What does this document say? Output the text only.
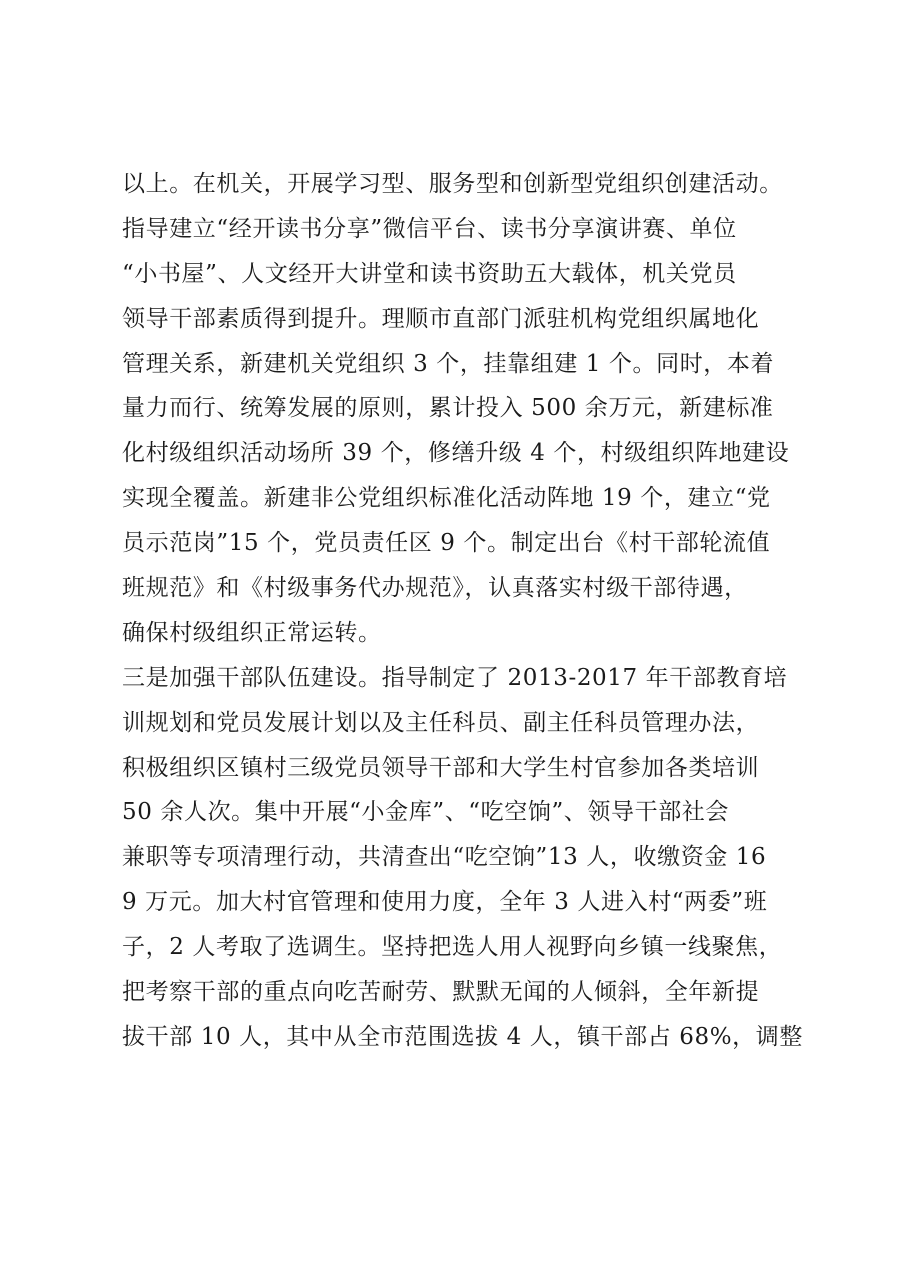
以上。在机关，开展学习型、服务型和创新型党组织创建活动。
指导建立“经开读书分享”微信平台、读书分享演讲赛、单位
“小书屋”、人文经开大讲堂和读书资助五大载体，机关党员
领导干部素质得到提升。理顺市直部门派驻机构党组织属地化
管理关系，新建机关党组织 3 个，挂靠组建 1 个。同时，本着
量力而行、统筹发展的原则，累计投入 500 余万元，新建标准
化村级组织活动场所 39 个，修缮升级 4 个，村级组织阵地建设
实现全覆盖。新建非公党组织标准化活动阵地 19 个，建立“党
员示范岗”15 个，党员责任区 9 个。制定出台《村干部轮流值
班规范》和《村级事务代办规范》，认真落实村级干部待遇，
确保村级组织正常运转。
三是加强干部队伍建设。指导制定了 2013-2017 年干部教育培
训规划和党员发展计划以及主任科员、副主任科员管理办法，
积极组织区镇村三级党员领导干部和大学生村官参加各类培训
50 余人次。集中开展“小金库”、“吃空饷”、领导干部社会
兼职等专项清理行动，共清查出“吃空饷”13 人，收缴资金 16
9 万元。加大村官管理和使用力度，全年 3 人进入村“两委”班
子，2 人考取了选调生。坚持把选人用人视野向乡镇一线聚焦，
把考察干部的重点向吃苦耐劳、默默无闻的人倾斜，全年新提
拔干部 10 人，其中从全市范围选拔 4 人，镇干部占 68%，调整
